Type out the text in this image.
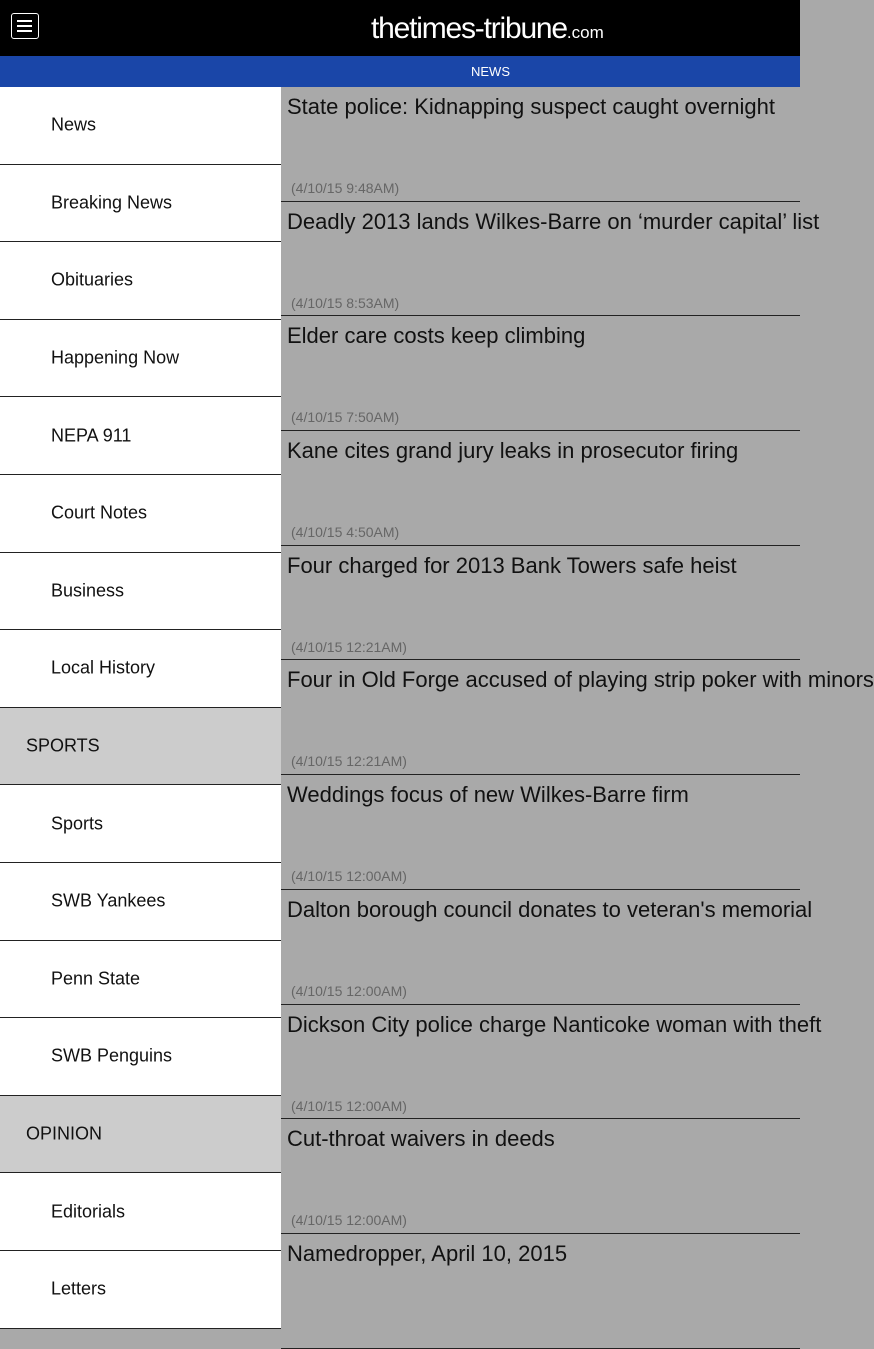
thetimes-tribune.com
NEWS
News
Breaking News
Obituaries
Happening Now
NEPA 911
Court Notes
Business
Local History
SPORTS
Sports
SWB Yankees
Penn State
SWB Penguins
OPINION
Editorials
Letters
State police: Kidnapping suspect caught overnight
(4/10/15 9:48AM)
Deadly 2013 lands Wilkes-Barre on ‘murder capital’ list
(4/10/15 8:53AM)
Elder care costs keep climbing
(4/10/15 7:50AM)
Kane cites grand jury leaks in prosecutor firing
(4/10/15 4:50AM)
Four charged for 2013 Bank Towers safe heist
(4/10/15 12:21AM)
Four in Old Forge accused of playing strip poker with minors
(4/10/15 12:21AM)
Weddings focus of new Wilkes-Barre firm
(4/10/15 12:00AM)
Dalton borough council donates to veteran's memorial
(4/10/15 12:00AM)
Dickson City police charge Nanticoke woman with theft
(4/10/15 12:00AM)
Cut-throat waivers in deeds
(4/10/15 12:00AM)
Namedropper, April 10, 2015
